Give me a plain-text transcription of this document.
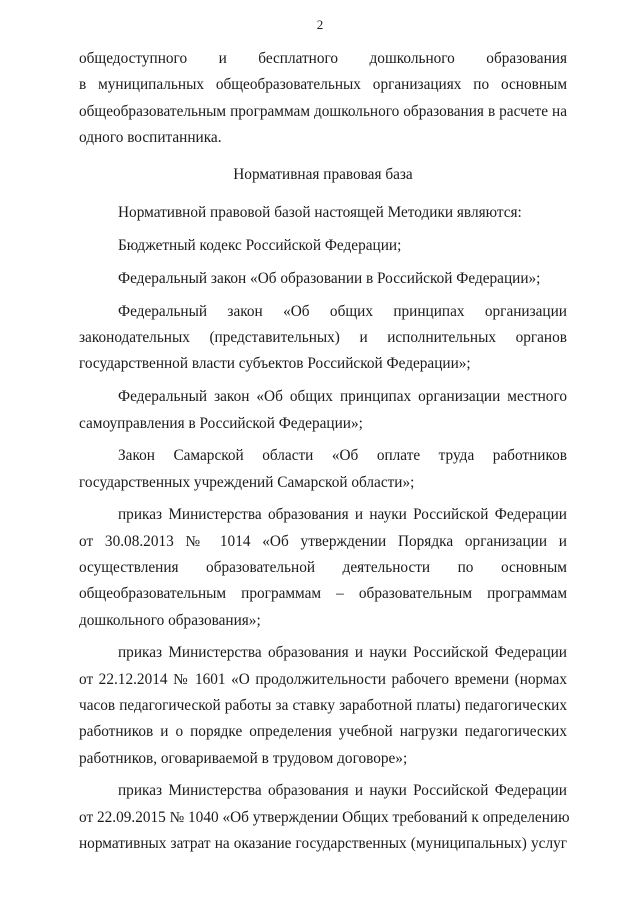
2
общедоступного и бесплатного дошкольного образования
в муниципальных общеобразовательных организациях по основным
общеобразовательным программам дошкольного образования в расчете на
одного воспитанника.
Нормативная правовая база
Нормативной правовой базой настоящей Методики являются:
Бюджетный кодекс Российской Федерации;
Федеральный закон «Об образовании в Российской Федерации»;
Федеральный закон «Об общих принципах организации
законодательных (представительных) и исполнительных органов
государственной власти субъектов Российской Федерации»;
Федеральный закон «Об общих принципах организации местного
самоуправления в Российской Федерации»;
Закон Самарской области «Об оплате труда работников
государственных учреждений Самарской области»;
приказ Министерства образования и науки Российской Федерации
от 30.08.2013 № 1014 «Об утверждении Порядка организации и
осуществления образовательной деятельности по основным
общеобразовательным программам – образовательным программам
дошкольного образования»;
приказ Министерства образования и науки Российской Федерации
от 22.12.2014 № 1601 «О продолжительности рабочего времени (нормах
часов педагогической работы за ставку заработной платы) педагогических
работников и о порядке определения учебной нагрузки педагогических
работников, оговариваемой в трудовом договоре»;
приказ Министерства образования и науки Российской Федерации
от 22.09.2015 № 1040 «Об утверждении Общих требований к определению
нормативных затрат на оказание государственных (муниципальных) услуг
